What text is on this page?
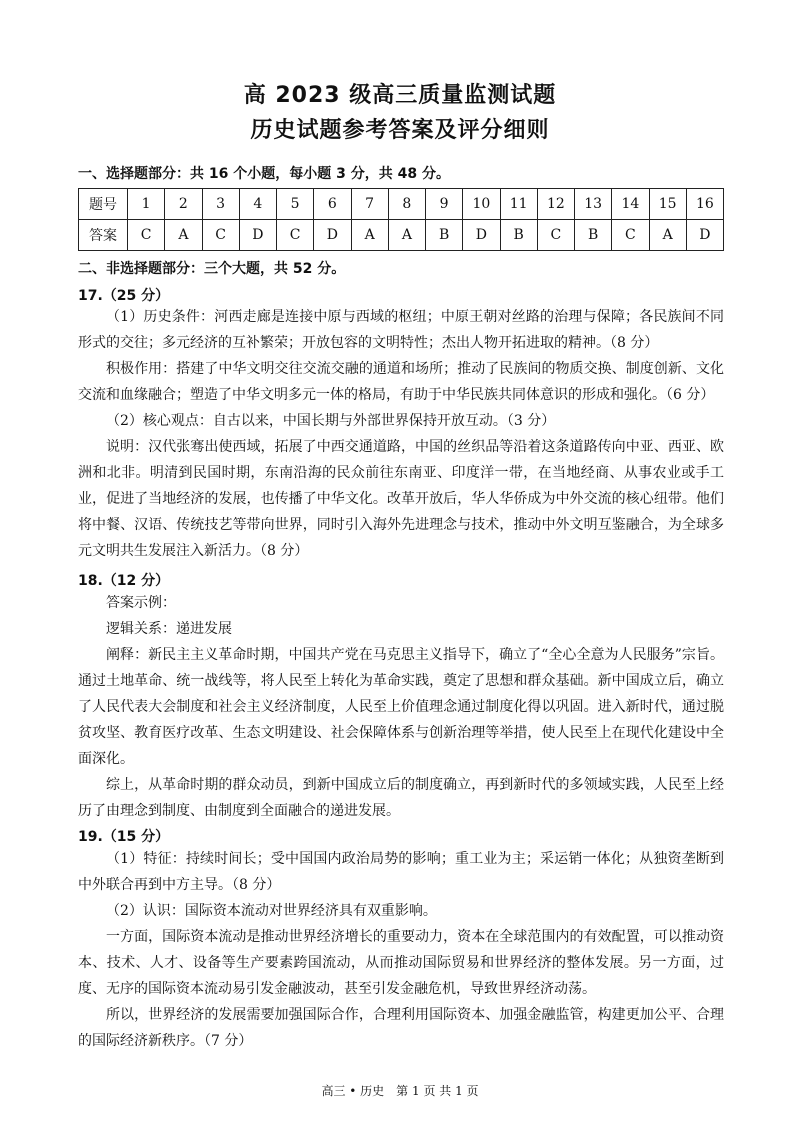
高 2023 级高三质量监测试题
历史试题参考答案及评分细则
一、选择题部分：共 16 个小题，每小题 3 分，共 48 分。
题号	1	2	3	4	5	6	7	8	9	10	11	12	13	14	15	16
答案	C	A	C	D	C	D	A	A	B	D	B	C	B	C	A	D
二、非选择题部分：三个大题，共 52 分。
17.（25 分）

（1）历史条件：河西走廊是连接中原与西域的枢纽；中原王朝对丝路的治理与保障；各民族间不同形式的交往；多元经济的互补繁荣；开放包容的文明特性；杰出人物开拓进取的精神。（8 分）

积极作用：搭建了中华文明交往交流交融的通道和场所；推动了民族间的物质交换、制度创新、文化交流和血缘融合；塑造了中华文明多元一体的格局，有助于中华民族共同体意识的形成和强化。（6 分）

（2）核心观点：自古以来，中国长期与外部世界保持开放互动。（3 分）

说明：汉代张骞出使西域，拓展了中西交通道路，中国的丝织品等沿着这条道路传向中亚、西亚、欧洲和北非。明清到民国时期，东南沿海的民众前往东南亚、印度洋一带，在当地经商、从事农业或手工业，促进了当地经济的发展，也传播了中华文化。改革开放后，华人华侨成为中外交流的核心纽带。他们将中餐、汉语、传统技艺等带向世界，同时引入海外先进理念与技术，推动中外文明互鉴融合，为全球多元文明共生发展注入新活力。（8 分）

18.（12 分）

答案示例：

逻辑关系：递进发展

阐释：新民主主义革命时期，中国共产党在马克思主义指导下，确立了“全心全意为人民服务”宗旨。通过土地革命、统一战线等，将人民至上转化为革命实践，奠定了思想和群众基础。新中国成立后，确立了人民代表大会制度和社会主义经济制度，人民至上价值理念通过制度化得以巩固。进入新时代，通过脱贫攻坚、教育医疗改革、生态文明建设、社会保障体系与创新治理等举措，使人民至上在现代化建设中全面深化。

综上，从革命时期的群众动员，到新中国成立后的制度确立，再到新时代的多领域实践，人民至上经历了由理念到制度、由制度到全面融合的递进发展。

19.（15 分）

（1）特征：持续时间长；受中国国内政治局势的影响；重工业为主；采运销一体化；从独资垄断到中外联合再到中方主导。（8 分）

（2）认识：国际资本流动对世界经济具有双重影响。

一方面，国际资本流动是推动世界经济增长的重要动力，资本在全球范围内的有效配置，可以推动资本、技术、人才、设备等生产要素跨国流动，从而推动国际贸易和世界经济的整体发展。另一方面，过度、无序的国际资本流动易引发金融波动，甚至引发金融危机，导致世界经济动荡。

所以，世界经济的发展需要加强国际合作，合理利用国际资本、加强金融监管，构建更加公平、合理的国际经济新秩序。（7 分）

高三 • 历史　第 1 页 共 1 页
